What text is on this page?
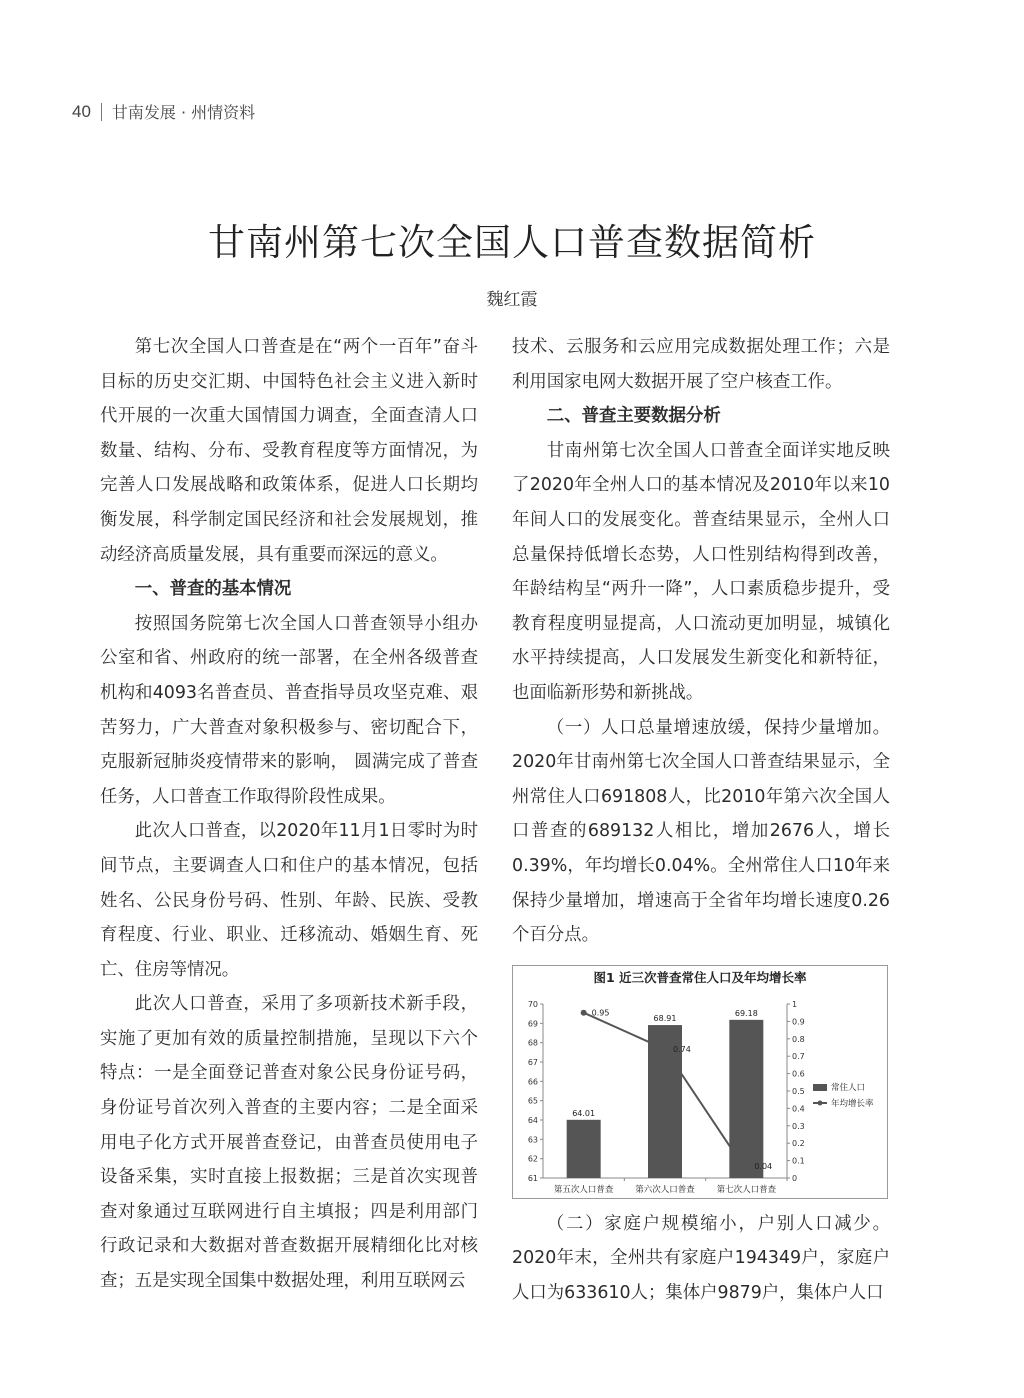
40 甘南发展 · 州情资料
甘南州第七次全国人口普查数据简析
魏红霞

第七次全国人口普查是在“两个一百年”奋斗目标的历史交汇期、中国特色社会主义进入新时代开展的一次重大国情国力调查，全面查清人口数量、结构、分布、受教育程度等方面情况，为完善人口发展战略和政策体系，促进人口长期均衡发展，科学制定国民经济和社会发展规划，推动经济高质量发展，具有重要而深远的意义。

一、普查的基本情况

按照国务院第七次全国人口普查领导小组办公室和省、州政府的统一部署，在全州各级普查机构和4093名普查员、普查指导员攻坚克难、艰苦努力，广大普查对象积极参与、密切配合下，克服新冠肺炎疫情带来的影响， 圆满完成了普查任务，人口普查工作取得阶段性成果。

此次人口普查，以2020年11月1日零时为时间节点，主要调查人口和住户的基本情况，包括姓名、公民身份号码、性别、年龄、民族、受教育程度、行业、职业、迁移流动、婚姻生育、死亡、住房等情况。

此次人口普查，采用了多项新技术新手段，实施了更加有效的质量控制措施，呈现以下六个特点：一是全面登记普查对象公民身份证号码，身份证号首次列入普查的主要内容；二是全面采用电子化方式开展普查登记，由普查员使用电子设备采集，实时直接上报数据；三是首次实现普查对象通过互联网进行自主填报；四是利用部门行政记录和大数据对普查数据开展精细化比对核查；五是实现全国集中数据处理，利用互联网云

技术、云服务和云应用完成数据处理工作；六是利用国家电网大数据开展了空户核查工作。

二、普查主要数据分析

甘南州第七次全国人口普查全面详实地反映了2020年全州人口的基本情况及2010年以来10年间人口的发展变化。普查结果显示，全州人口总量保持低增长态势，人口性别结构得到改善，年龄结构呈“两升一降”，人口素质稳步提升，受教育程度明显提高，人口流动更加明显，城镇化水平持续提高，人口发展发生新变化和新特征，也面临新形势和新挑战。

（一）人口总量增速放缓，保持少量增加。2020年甘南州第七次全国人口普查结果显示，全州常住人口691808人，比2010年第六次全国人口普查的689132人相比，增加2676人，增长0.39%，年均增长0.04%。全州常住人口10年来保持少量增加，增速高于全省年均增长速度0.26个百分点。

图1 近三次普查常住人口及年均增长率
61
62
63
64
65
66
67
68
69
70
0
0.1
0.2
0.3
0.4
0.5
0.6
0.7
0.8
0.9
1
第五次人口普查	第六次人口普查	第七次人口普查
64.01
68.91
69.18
0.95
0.74
0.04
常住人口
年均增长率

（二）家庭户规模缩小，户别人口减少。2020年末，全州共有家庭户194349户，家庭户人口为633610人；集体户9879户，集体户人口
